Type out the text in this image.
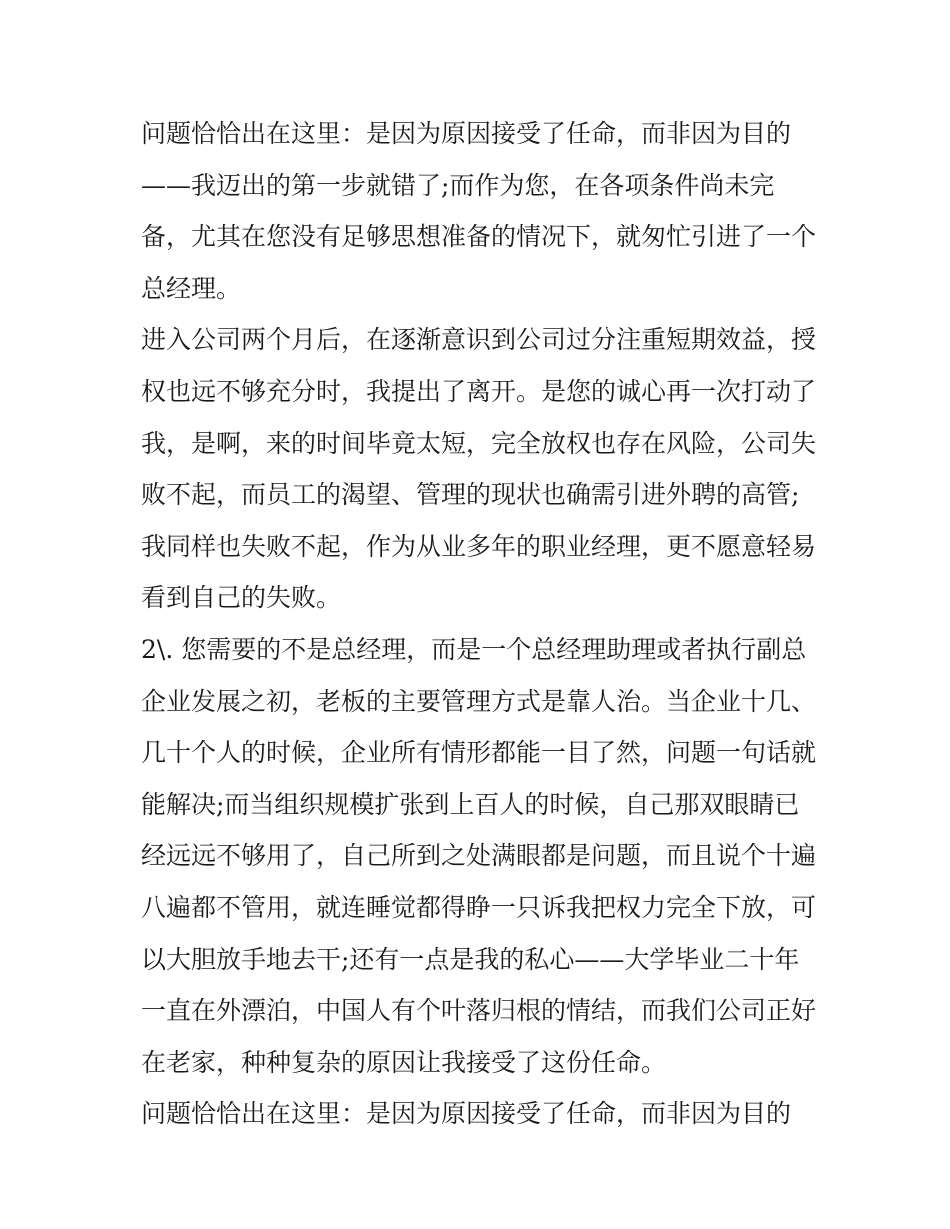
问题恰恰出在这里：是因为原因接受了任命，而非因为目的
——我迈出的第一步就错了;而作为您，在各项条件尚未完
备，尤其在您没有足够思想准备的情况下，就匆忙引进了一个
总经理。
进入公司两个月后，在逐渐意识到公司过分注重短期效益，授
权也远不够充分时，我提出了离开。是您的诚心再一次打动了
我，是啊，来的时间毕竟太短，完全放权也存在风险，公司失
败不起，而员工的渴望、管理的现状也确需引进外聘的高管;
我同样也失败不起，作为从业多年的职业经理，更不愿意轻易
看到自己的失败。
2\. 您需要的不是总经理，而是一个总经理助理或者执行副总
企业发展之初，老板的主要管理方式是靠人治。当企业十几、
几十个人的时候，企业所有情形都能一目了然，问题一句话就
能解决;而当组织规模扩张到上百人的时候，自己那双眼睛已
经远远不够用了，自己所到之处满眼都是问题，而且说个十遍
八遍都不管用，就连睡觉都得睁一只诉我把权力完全下放，可
以大胆放手地去干;还有一点是我的私心——大学毕业二十年
一直在外漂泊，中国人有个叶落归根的情结，而我们公司正好
在老家，种种复杂的原因让我接受了这份任命。
问题恰恰出在这里：是因为原因接受了任命，而非因为目的
